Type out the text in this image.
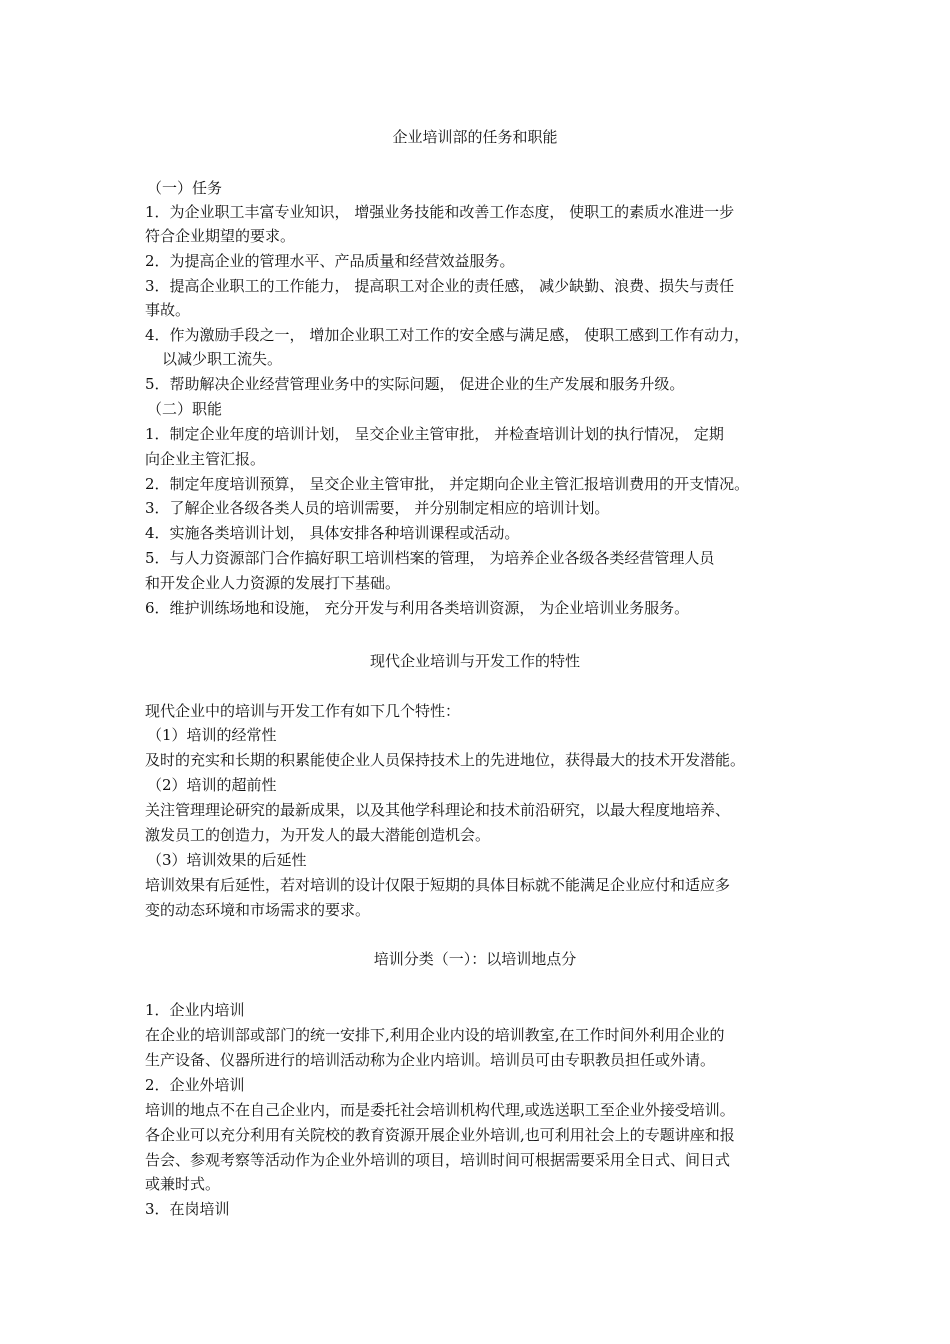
企业培训部的任务和职能
（一）任务
1．为企业职工丰富专业知识， 增强业务技能和改善工作态度， 使职工的素质水准进一步
符合企业期望的要求。
2．为提高企业的管理水平、产品质量和经营效益服务。
3．提高企业职工的工作能力， 提高职工对企业的责任感， 减少缺勤、浪费、损失与责任
事故。
4．作为激励手段之一， 增加企业职工对工作的安全感与满足感， 使职工感到工作有动力，
以减少职工流失。
5．帮助解决企业经营管理业务中的实际问题， 促进企业的生产发展和服务升级。
（二）职能
1．制定企业年度的培训计划， 呈交企业主管审批， 并检查培训计划的执行情况， 定期
向企业主管汇报。
2．制定年度培训预算， 呈交企业主管审批， 并定期向企业主管汇报培训费用的开支情况。
3．了解企业各级各类人员的培训需要， 并分别制定相应的培训计划。
4．实施各类培训计划， 具体安排各种培训课程或活动。
5．与人力资源部门合作搞好职工培训档案的管理， 为培养企业各级各类经营管理人员
和开发企业人力资源的发展打下基础。
6．维护训练场地和设施， 充分开发与利用各类培训资源， 为企业培训业务服务。
现代企业培训与开发工作的特性
现代企业中的培训与开发工作有如下几个特性：
（1）培训的经常性
及时的充实和长期的积累能使企业人员保持技术上的先进地位，获得最大的技术开发潜能。
（2）培训的超前性
关注管理理论研究的最新成果，以及其他学科理论和技术前沿研究，以最大程度地培养、
激发员工的创造力，为开发人的最大潜能创造机会。
（3）培训效果的后延性
培训效果有后延性，若对培训的设计仅限于短期的具体目标就不能满足企业应付和适应多
变的动态环境和市场需求的要求。
培训分类（一）：以培训地点分
1．企业内培训
在企业的培训部或部门的统一安排下,利用企业内设的培训教室,在工作时间外利用企业的
生产设备、仪器所进行的培训活动称为企业内培训。培训员可由专职教员担任或外请。
2．企业外培训
培训的地点不在自己企业内，而是委托社会培训机构代理,或选送职工至企业外接受培训。
各企业可以充分利用有关院校的教育资源开展企业外培训,也可利用社会上的专题讲座和报
告会、参观考察等活动作为企业外培训的项目，培训时间可根据需要采用全日式、间日式
或兼时式。
3．在岗培训
